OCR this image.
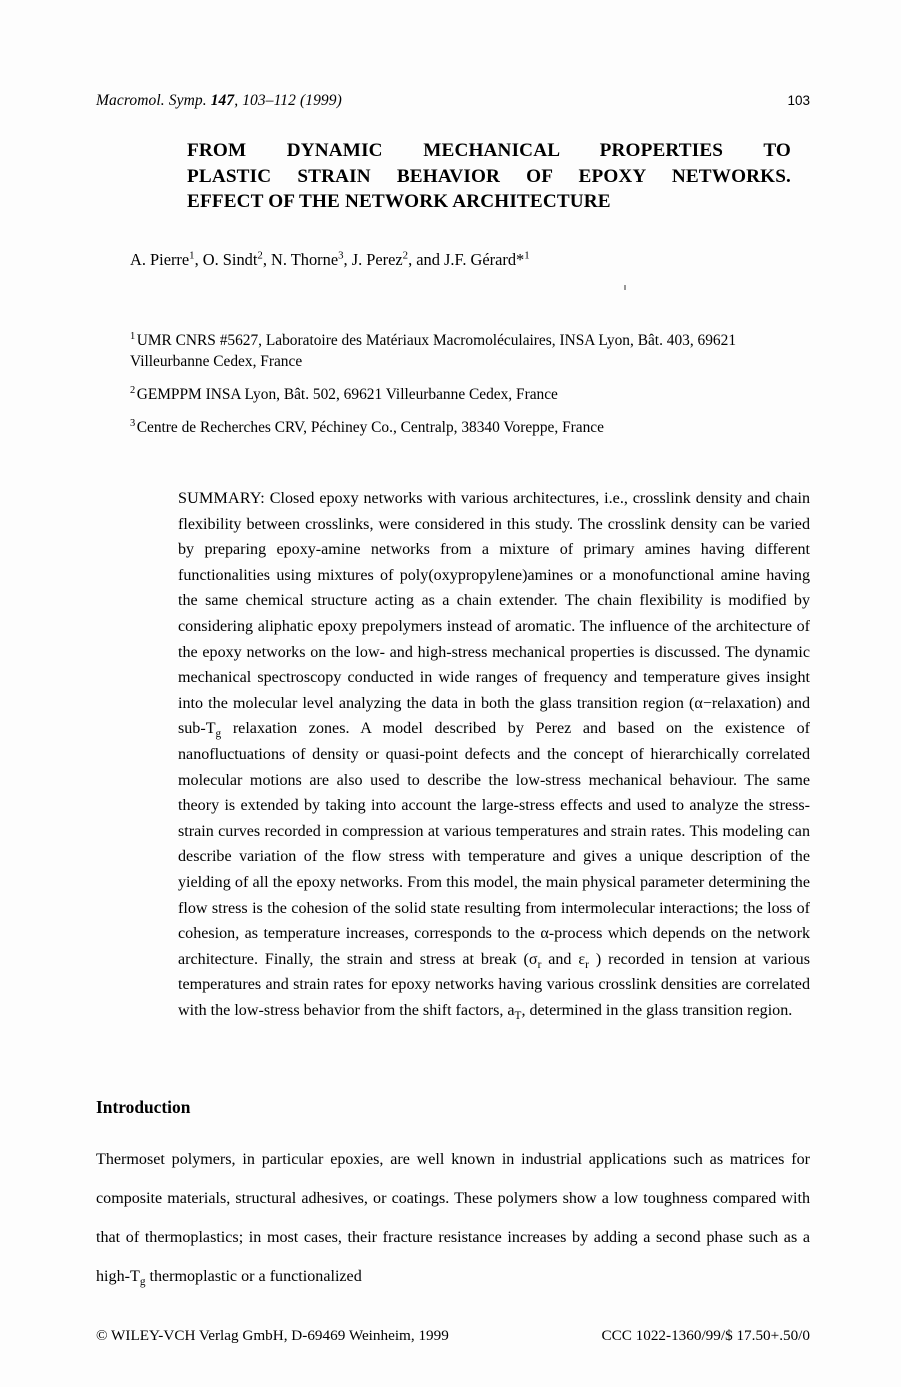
Macromol. Symp. 147, 103–112 (1999)	103
FROM DYNAMIC MECHANICAL PROPERTIES TO
PLASTIC STRAIN BEHAVIOR OF EPOXY NETWORKS.
EFFECT OF THE NETWORK ARCHITECTURE
A. Pierre$^1$, O. Sindt$^2$, N. Thorne$^3$, J. Perez$^2$, and J.F. Gérard*$^1$
$^1$UMR CNRS #5627, Laboratoire des Matériaux Macromoléculaires, INSA Lyon, Bât. 403, 69621 Villeurbanne Cedex, France
$^2$GEMPPM INSA Lyon, Bât. 502, 69621 Villeurbanne Cedex, France
$^3$Centre de Recherches CRV, Péchiney Co., Centralp, 38340 Voreppe, France
SUMMARY: Closed epoxy networks with various architectures, i.e., crosslink density and chain flexibility between crosslinks, were considered in this study. The crosslink density can be varied by preparing epoxy-amine networks from a mixture of primary amines having different functionalities using mixtures of poly(oxypropylene)amines or a monofunctional amine having the same chemical structure acting as a chain extender. The chain flexibility is modified by considering aliphatic epoxy prepolymers instead of aromatic. The influence of the architecture of the epoxy networks on the low- and high-stress mechanical properties is discussed. The dynamic mechanical spectroscopy conducted in wide ranges of frequency and temperature gives insight into the molecular level analyzing the data in both the glass transition region (α−relaxation) and sub-$T_g$ relaxation zones. A model described by Perez and based on the existence of nanofluctuations of density or quasi-point defects and the concept of hierarchically correlated molecular motions are also used to describe the low-stress mechanical behaviour. The same theory is extended by taking into account the large-stress effects and used to analyze the stress-strain curves recorded in compression at various temperatures and strain rates. This modeling can describe variation of the flow stress with temperature and gives a unique description of the yielding of all the epoxy networks. From this model, the main physical parameter determining the flow stress is the cohesion of the solid state resulting from intermolecular interactions; the loss of cohesion, as temperature increases, corresponds to the α-process which depends on the network architecture. Finally, the strain and stress at break ($\sigma_r$ and $\varepsilon_r$ ) recorded in tension at various temperatures and strain rates for epoxy networks having various crosslink densities are correlated with the low-stress behavior from the shift factors, $a_T$, determined in the glass transition region.
Introduction
Thermoset polymers, in particular epoxies, are well known in industrial applications such as matrices for composite materials, structural adhesives, or coatings. These polymers show a low toughness compared with that of thermoplastics; in most cases, their fracture resistance increases by adding a second phase such as a high-$T_g$ thermoplastic or a functionalized
© WILEY-VCH Verlag GmbH, D-69469 Weinheim, 1999	CCC 1022-1360/99/$ 17.50+.50/0
